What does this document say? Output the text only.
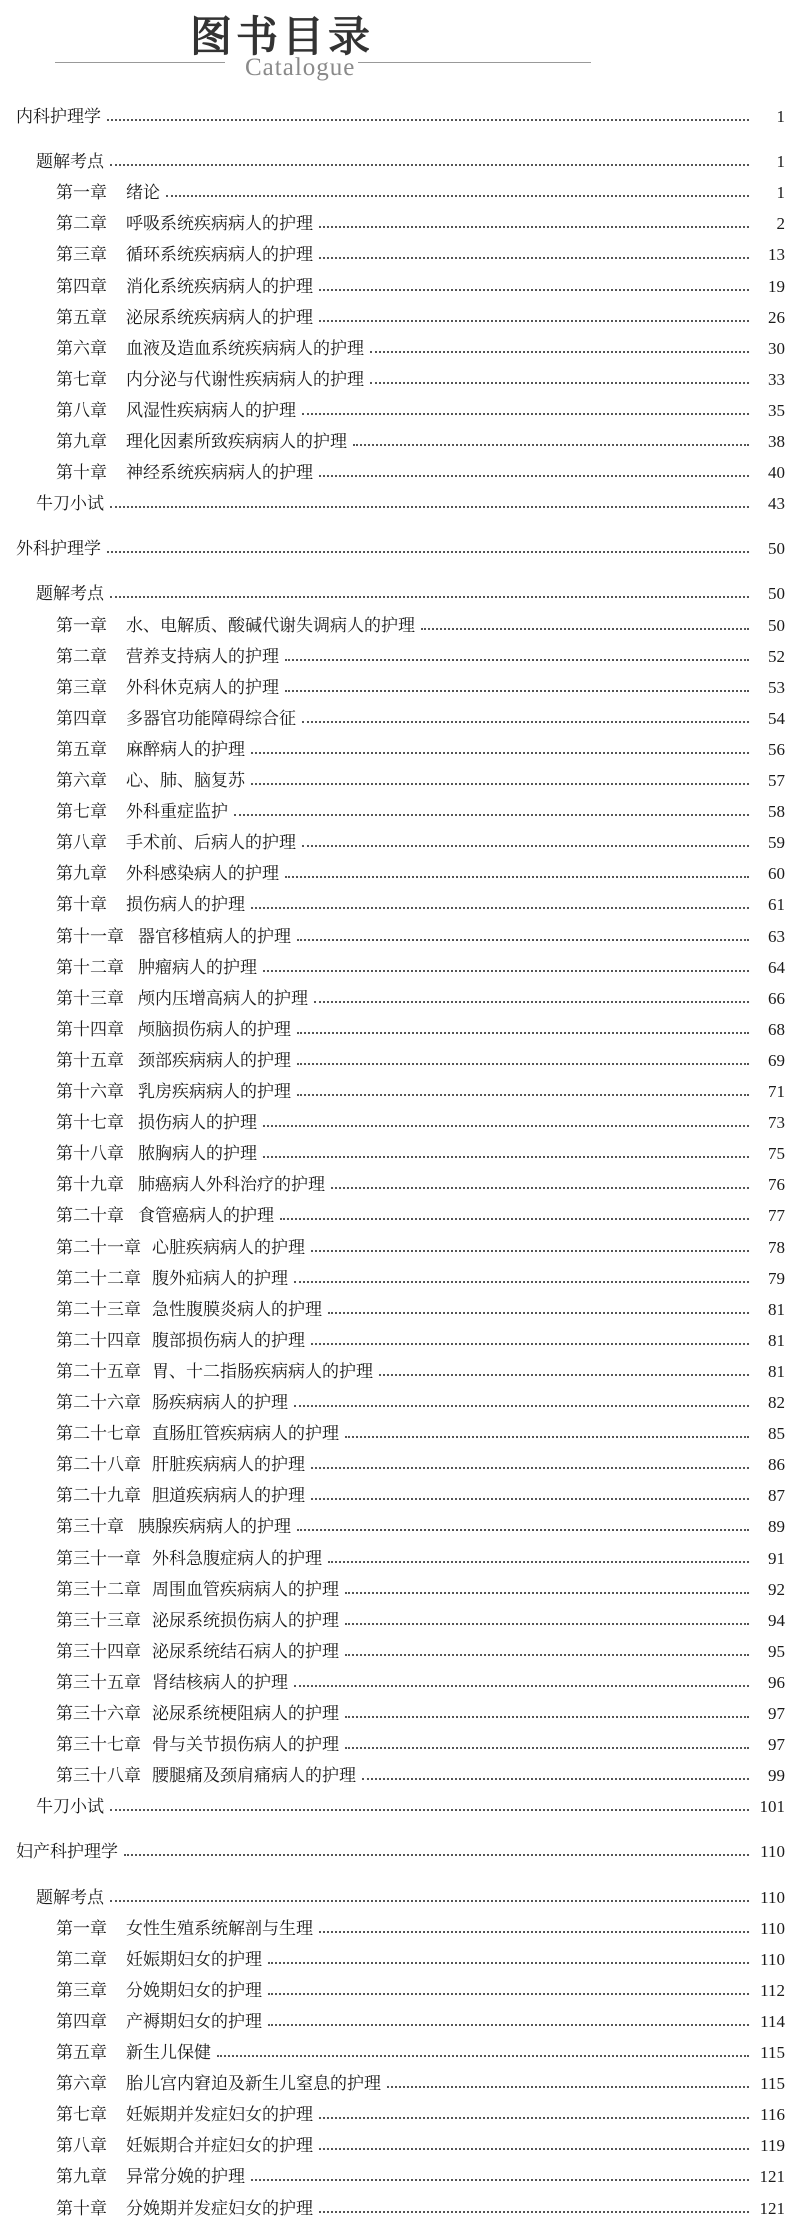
图书目录
Catalogue
内科护理学	1
题解考点	1
第一章	绪论	1
第二章	呼吸系统疾病病人的护理	2
第三章	循环系统疾病病人的护理	13
第四章	消化系统疾病病人的护理	19
第五章	泌尿系统疾病病人的护理	26
第六章	血液及造血系统疾病病人的护理	30
第七章	内分泌与代谢性疾病病人的护理	33
第八章	风湿性疾病病人的护理	35
第九章	理化因素所致疾病病人的护理	38
第十章	神经系统疾病病人的护理	40
牛刀小试	43
外科护理学	50
题解考点	50
第一章	水、电解质、酸碱代谢失调病人的护理	50
第二章	营养支持病人的护理	52
第三章	外科休克病人的护理	53
第四章	多器官功能障碍综合征	54
第五章	麻醉病人的护理	56
第六章	心、肺、脑复苏	57
第七章	外科重症监护	58
第八章	手术前、后病人的护理	59
第九章	外科感染病人的护理	60
第十章	损伤病人的护理	61
第十一章 器官移植病人的护理	63
第十二章 肿瘤病人的护理	64
第十三章 颅内压增高病人的护理	66
第十四章 颅脑损伤病人的护理	68
第十五章 颈部疾病病人的护理	69
第十六章 乳房疾病病人的护理	71
第十七章 损伤病人的护理	73
第十八章 脓胸病人的护理	75
第十九章 肺癌病人外科治疗的护理	76
第二十章 食管癌病人的护理	77
第二十一章 心脏疾病病人的护理	78
第二十二章 腹外疝病人的护理	79
第二十三章 急性腹膜炎病人的护理	81
第二十四章 腹部损伤病人的护理	81
第二十五章 胃、十二指肠疾病病人的护理	81
第二十六章 肠疾病病人的护理	82
第二十七章 直肠肛管疾病病人的护理	85
第二十八章 肝脏疾病病人的护理	86
第二十九章 胆道疾病病人的护理	87
第三十章 胰腺疾病病人的护理	89
第三十一章 外科急腹症病人的护理	91
第三十二章 周围血管疾病病人的护理	92
第三十三章 泌尿系统损伤病人的护理	94
第三十四章 泌尿系统结石病人的护理	95
第三十五章 肾结核病人的护理	96
第三十六章 泌尿系统梗阻病人的护理	97
第三十七章 骨与关节损伤病人的护理	97
第三十八章 腰腿痛及颈肩痛病人的护理	99
牛刀小试	101
妇产科护理学	110
题解考点	110
第一章	女性生殖系统解剖与生理	110
第二章	妊娠期妇女的护理	110
第三章	分娩期妇女的护理	112
第四章	产褥期妇女的护理	114
第五章	新生儿保健	115
第六章	胎儿宫内窘迫及新生儿窒息的护理	115
第七章	妊娠期并发症妇女的护理	116
第八章	妊娠期合并症妇女的护理	119
第九章	异常分娩的护理	121
第十章	分娩期并发症妇女的护理	121
